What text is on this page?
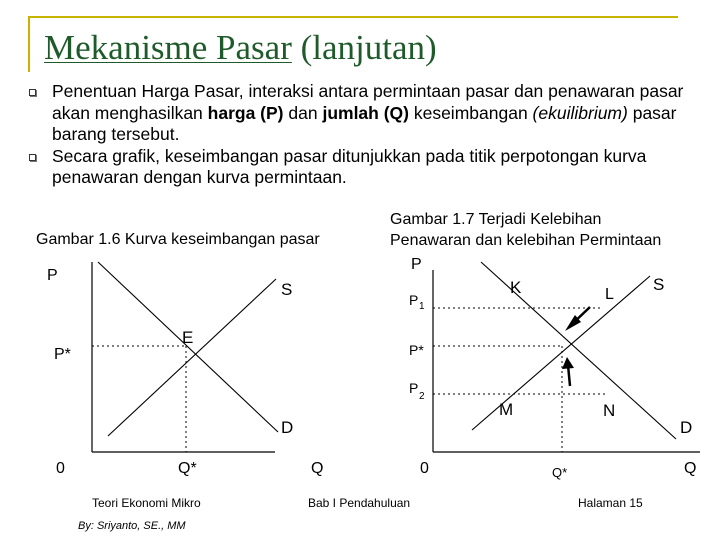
Mekanisme Pasar (lanjutan)
Penentuan Harga Pasar, interaksi antara permintaan pasar dan penawaran pasar akan menghasilkan harga (P) dan jumlah (Q) keseimbangan (ekuilibrium) pasar barang tersebut.
Secara grafik, keseimbangan pasar ditunjukkan pada titik perpotongan kurva penawaran dengan kurva permintaan.
Gambar 1.6 Kurva keseimbangan pasar
Gambar 1.7 Terjadi Kelebihan
Penawaran dan kelebihan Permintaan
P
P*
E
S
D
0	Q*	Q
P
P 1
P*
P
2
K	L
S
M	N
D
0	Q*	Q
Teori Ekonomi Mikro
By: Sriyanto, SE., MM
Bab I Pendahuluan	Halaman 15
